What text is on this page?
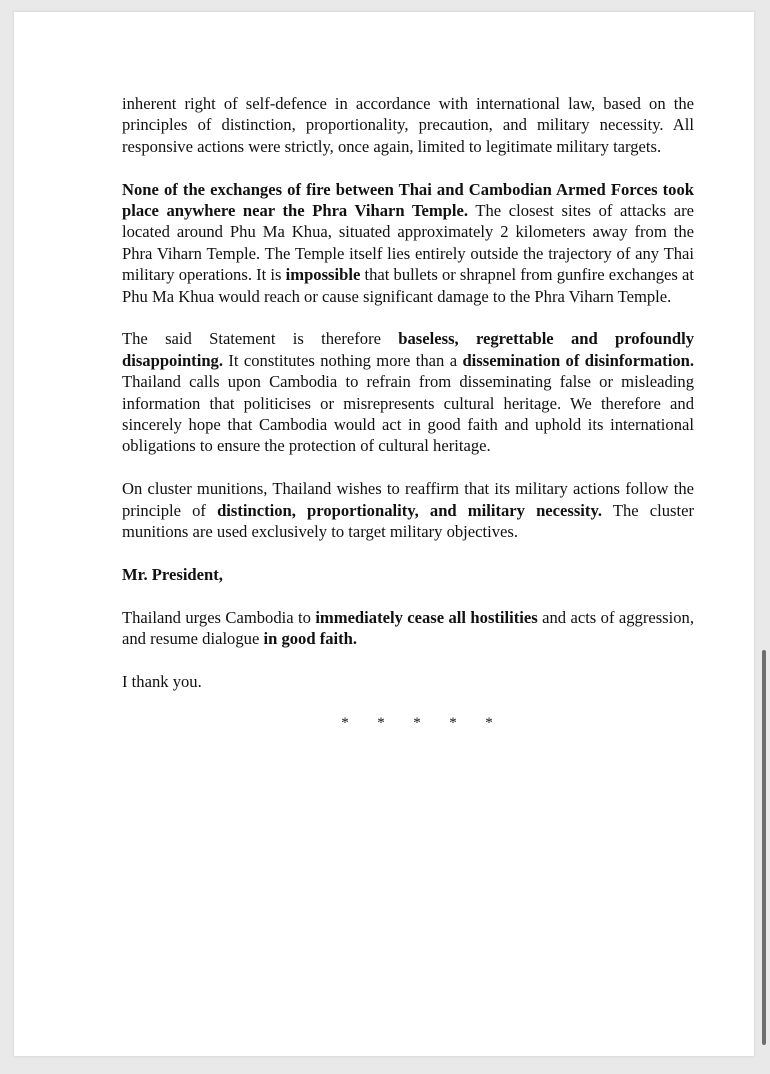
inherent right of self-defence in accordance with international law, based on the principles of distinction, proportionality, precaution, and military necessity. All responsive actions were strictly, once again, limited to legitimate military targets.

None of the exchanges of fire between Thai and Cambodian Armed Forces took place anywhere near the Phra Viharn Temple. The closest sites of attacks are located around Phu Ma Khua, situated approximately 2 kilometers away from the Phra Viharn Temple. The Temple itself lies entirely outside the trajectory of any Thai military operations. It is impossible that bullets or shrapnel from gunfire exchanges at Phu Ma Khua would reach or cause significant damage to the Phra Viharn Temple.

The said Statement is therefore baseless, regrettable and profoundly disappointing. It constitutes nothing more than a dissemination of disinformation. Thailand calls upon Cambodia to refrain from disseminating false or misleading information that politicises or misrepresents cultural heritage. We therefore and sincerely hope that Cambodia would act in good faith and uphold its international obligations to ensure the protection of cultural heritage.

On cluster munitions, Thailand wishes to reaffirm that its military actions follow the principle of distinction, proportionality, and military necessity. The cluster munitions are used exclusively to target military objectives.

Mr. President,

Thailand urges Cambodia to immediately cease all hostilities and acts of aggression, and resume dialogue in good faith.

I thank you.

* * * * *
